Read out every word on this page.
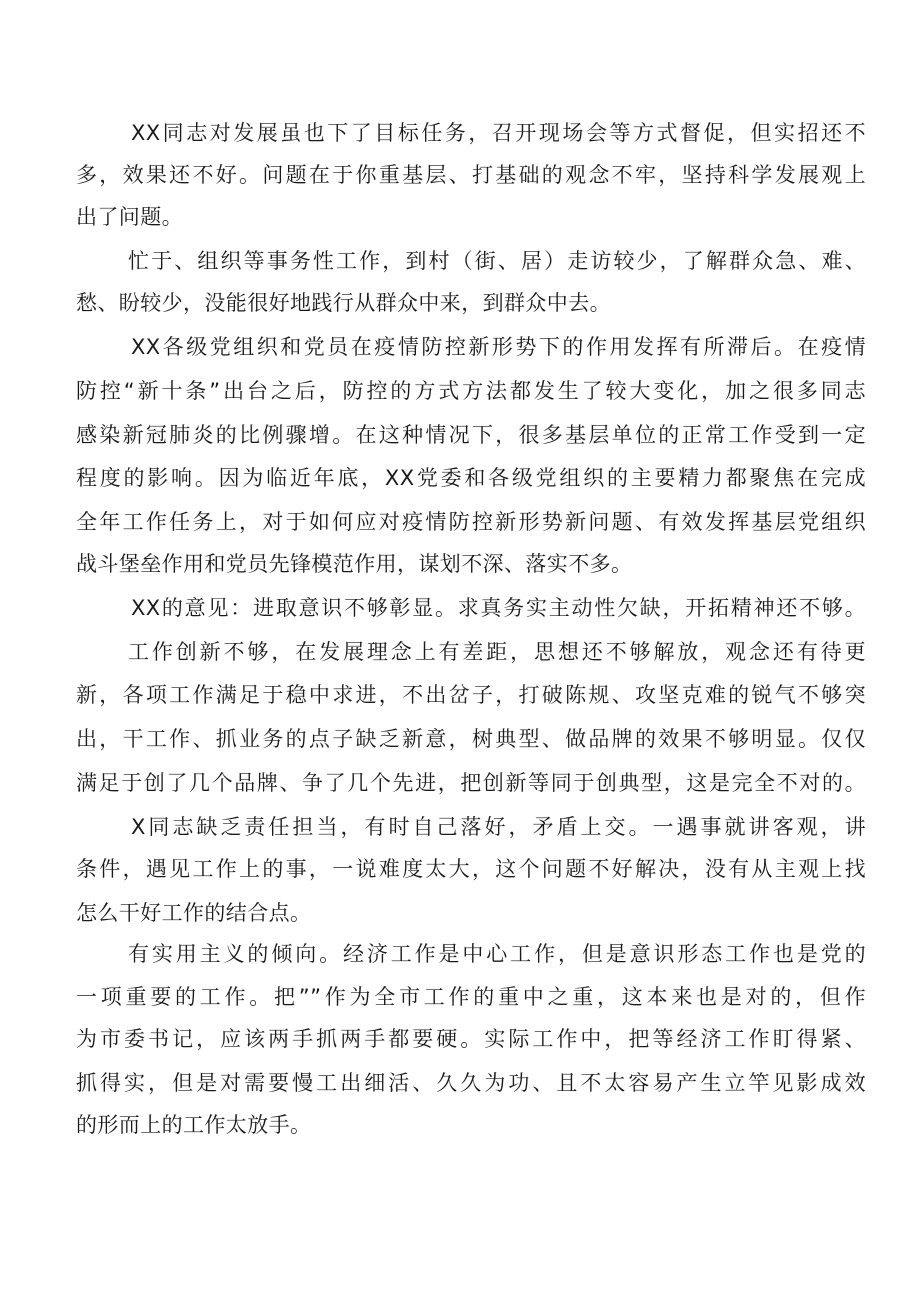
XX同志对发展虽也下了目标任务，召开现场会等方式督促，但实招还不
多，效果还不好。问题在于你重基层、打基础的观念不牢，坚持科学发展观上
出了问题。
忙于、组织等事务性工作，到村（街、居）走访较少，了解群众急、难、
愁、盼较少，没能很好地践行从群众中来，到群众中去。
XX各级党组织和党员在疫情防控新形势下的作用发挥有所滞后。在疫情
防控“新十条”出台之后，防控的方式方法都发生了较大变化，加之很多同志
感染新冠肺炎的比例骤增。在这种情况下，很多基层单位的正常工作受到一定
程度的影响。因为临近年底，XX党委和各级党组织的主要精力都聚焦在完成
全年工作任务上，对于如何应对疫情防控新形势新问题、有效发挥基层党组织
战斗堡垒作用和党员先锋模范作用，谋划不深、落实不多。
XX的意见：进取意识不够彰显。求真务实主动性欠缺，开拓精神还不够。
工作创新不够，在发展理念上有差距，思想还不够解放，观念还有待更
新，各项工作满足于稳中求进，不出岔子，打破陈规、攻坚克难的锐气不够突
出，干工作、抓业务的点子缺乏新意，树典型、做品牌的效果不够明显。仅仅
满足于创了几个品牌、争了几个先进，把创新等同于创典型，这是完全不对的。
X同志缺乏责任担当，有时自己落好，矛盾上交。一遇事就讲客观，讲
条件，遇见工作上的事，一说难度太大，这个问题不好解决，没有从主观上找
怎么干好工作的结合点。
有实用主义的倾向。经济工作是中心工作，但是意识形态工作也是党的
一项重要的工作。把””作为全市工作的重中之重，这本来也是对的，但作
为市委书记，应该两手抓两手都要硬。实际工作中，把等经济工作盯得紧、
抓得实，但是对需要慢工出细活、久久为功、且不太容易产生立竿见影成效
的形而上的工作太放手。
